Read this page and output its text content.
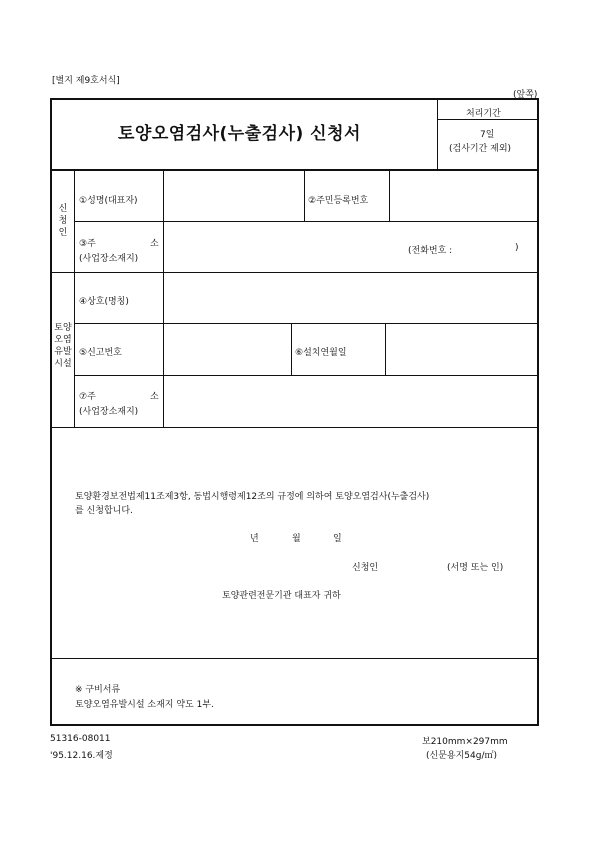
[별지 제9호서식]
(앞쪽)
토양오염검사(누출검사) 신청서
처리기간
7일
(검사기간 제외)
신
청
인
①성명(대표자)	②주민등록번호
③주	소
(사업장소재지)
(전화번호 :	)
토양
오염
유발
시설
④상호(명칭)
⑤신고번호	⑥설치연월일
⑦주	소
(사업장소재지)
토양환경보전법제11조제3항, 동법시행령제12조의 규정에 의하여 토양오염검사(누출검사)
를 신청합니다.
년	월	일
신청인	(서명 또는 인)
토양관련전문기관 대표자 귀하
※ 구비서류
토양오염유발시설 소재지 약도 1부.
51316-08011
'95.12.16.제정
보210mm×297mm
(신문용지54g/㎡)
